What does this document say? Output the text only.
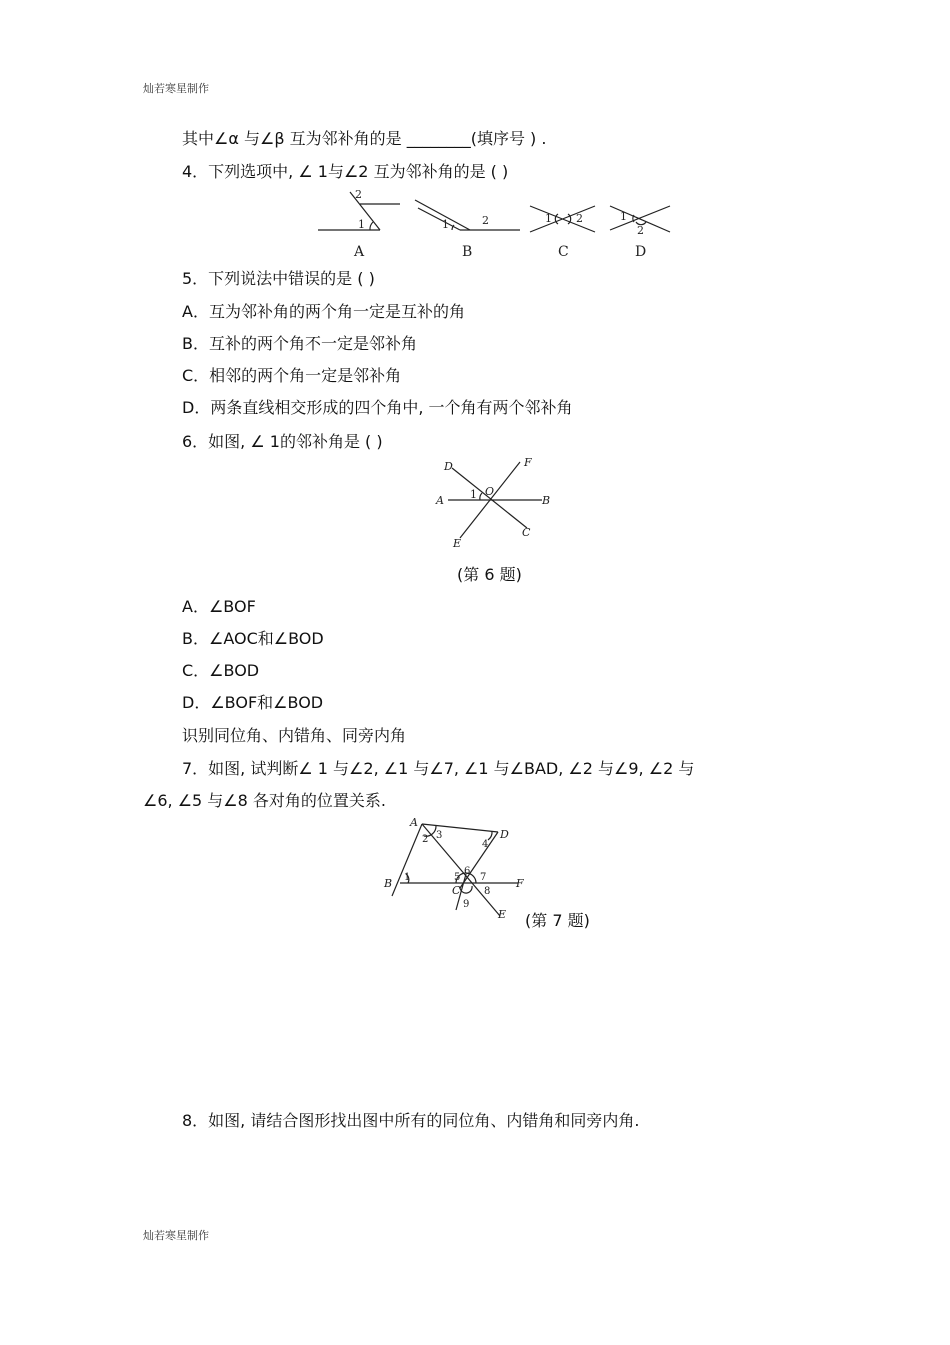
灿若寒星制作
其中∠α 与∠β 互为邻补角的是 ________(填序号 ) .
4．下列选项中, ∠ 1与∠2 互为邻补角的是 ( )
2
1	1	2	1 2	1
2
A	B	C	D
5．下列说法中错误的是 ( )
A．互为邻补角的两个角一定是互补的角
B．互补的两个角不一定是邻补角
C．相邻的两个角一定是邻补角
D．两条直线相交形成的四个角中, 一个角有两个邻补角
6．如图, ∠ 1的邻补角是 ( )
D	F
A
O
B
E
C
1
(第 6 题)
A．∠BOF
B．∠AOC和∠BOD
C．∠BOD
D．∠BOF和∠BOD
识别同位角、内错角、同旁内角
7．如图, 试判断∠ 1 与∠2, ∠1 与∠7, ∠1 与∠BAD, ∠2 与∠9, ∠2 与
∠6, ∠5 与∠8 各对角的位置关系.
A
D
B
C
F
E
1
2 3
4
5
6
7
8
9
(第 7 题)
8．如图, 请结合图形找出图中所有的同位角、内错角和同旁内角.
灿若寒星制作
